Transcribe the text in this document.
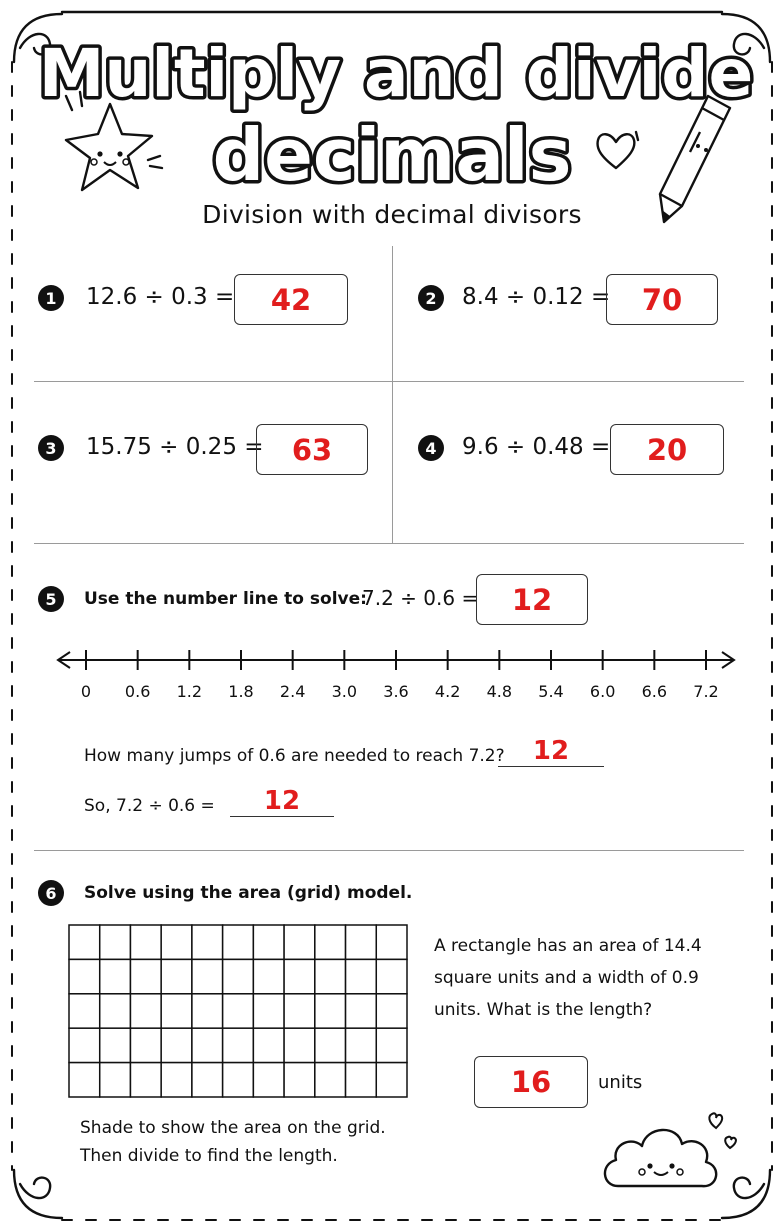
Multiply and divide
decimals
Division with decimal divisors
1	12.6 ÷ 0.3 =	42	2	8.4 ÷ 0.12 =	70
3	15.75 ÷ 0.25 = 63	4	9.6 ÷ 0.48 =	20
5	Use the number line to solve:
7.2 ÷ 0.6 =	12
0 0.6 1.2 1.8 2.4 3.0 3.6 4.2 4.8 5.4 6.0 6.6 7.2
How many jumps of 0.6 are needed to reach 7.2?	12
So, 7.2 ÷ 0.6 =	12
6	Solve using the area (grid) model.
A rectangle has an area of 14.4 square units and a width of 0.9 units. What is the length?
16	units
Shade to show the area on the grid.
Then divide to find the length.
